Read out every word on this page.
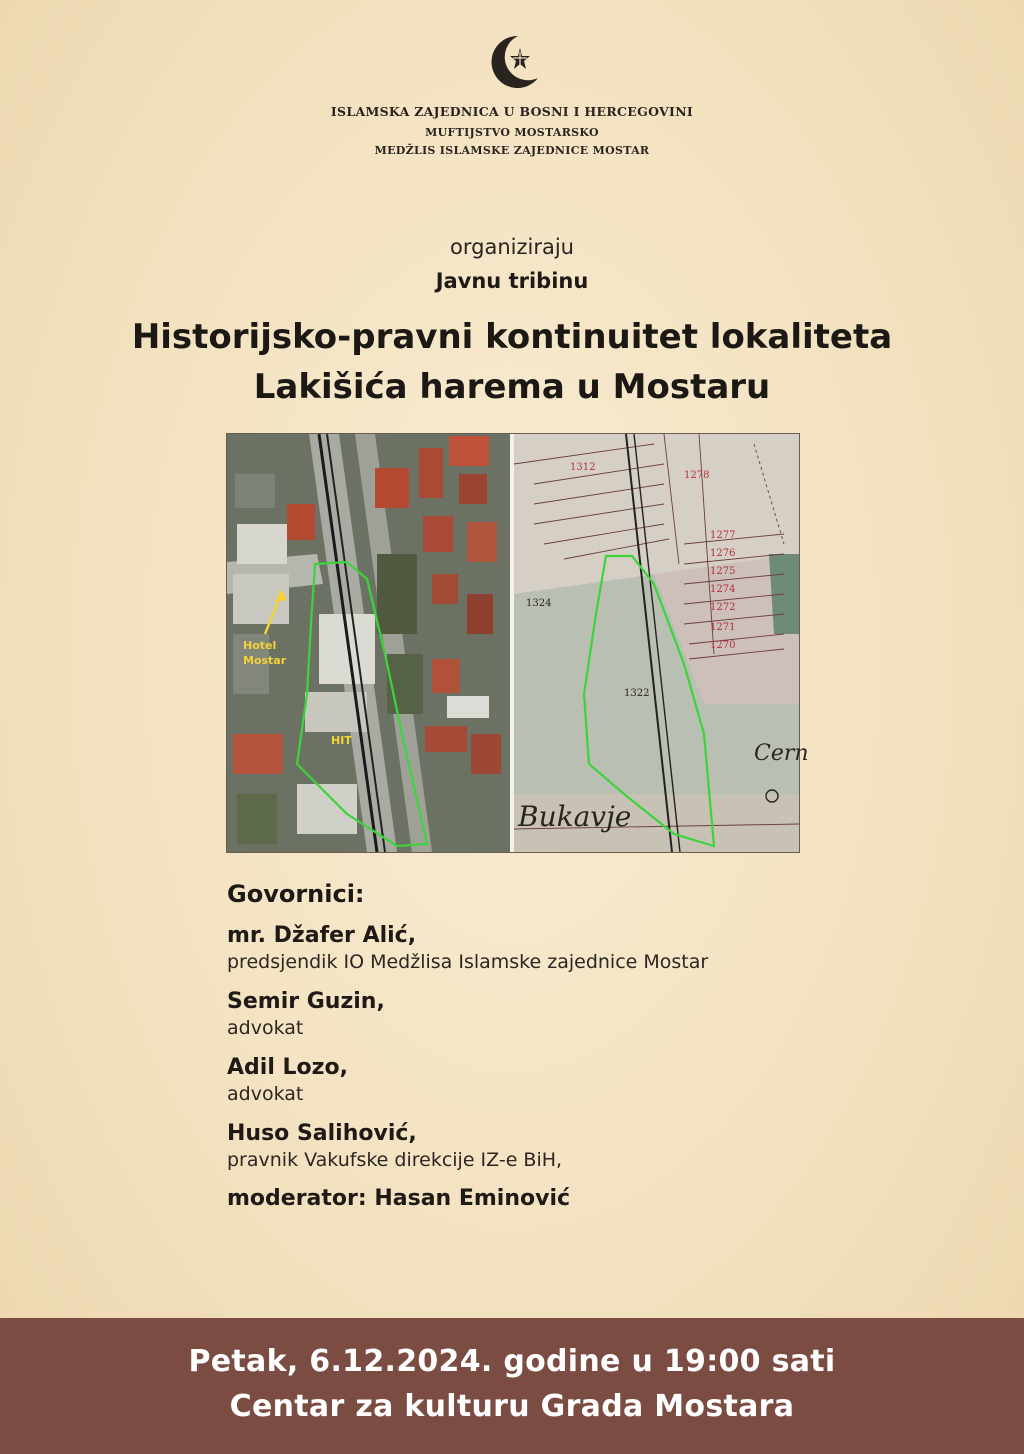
ISLAMSKA ZAJEDNICA U BOSNI I HERCEGOVINI
MUFTIJSTVO MOSTARSKO
MEDŽLIS ISLAMSKE ZAJEDNICE MOSTAR
organiziraju
Javnu tribinu
Historijsko-pravni kontinuitet lokaliteta
Lakišića harema u Mostaru
Hotel
Mostar
HIT
1312
1278
1324
1322
1277
1276
1275
1274
1272
1271
1270
Cern
Bukavje
Govornici:
mr. Džafer Alić,
predsjendik IO Medžlisa Islamske zajednice Mostar
Semir Guzin,
advokat
Adil Lozo,
advokat
Huso Salihović,
pravnik Vakufske direkcije IZ-e BiH,
moderator: Hasan Eminović
Petak, 6.12.2024. godine u 19:00 sati
Centar za kulturu Grada Mostara
